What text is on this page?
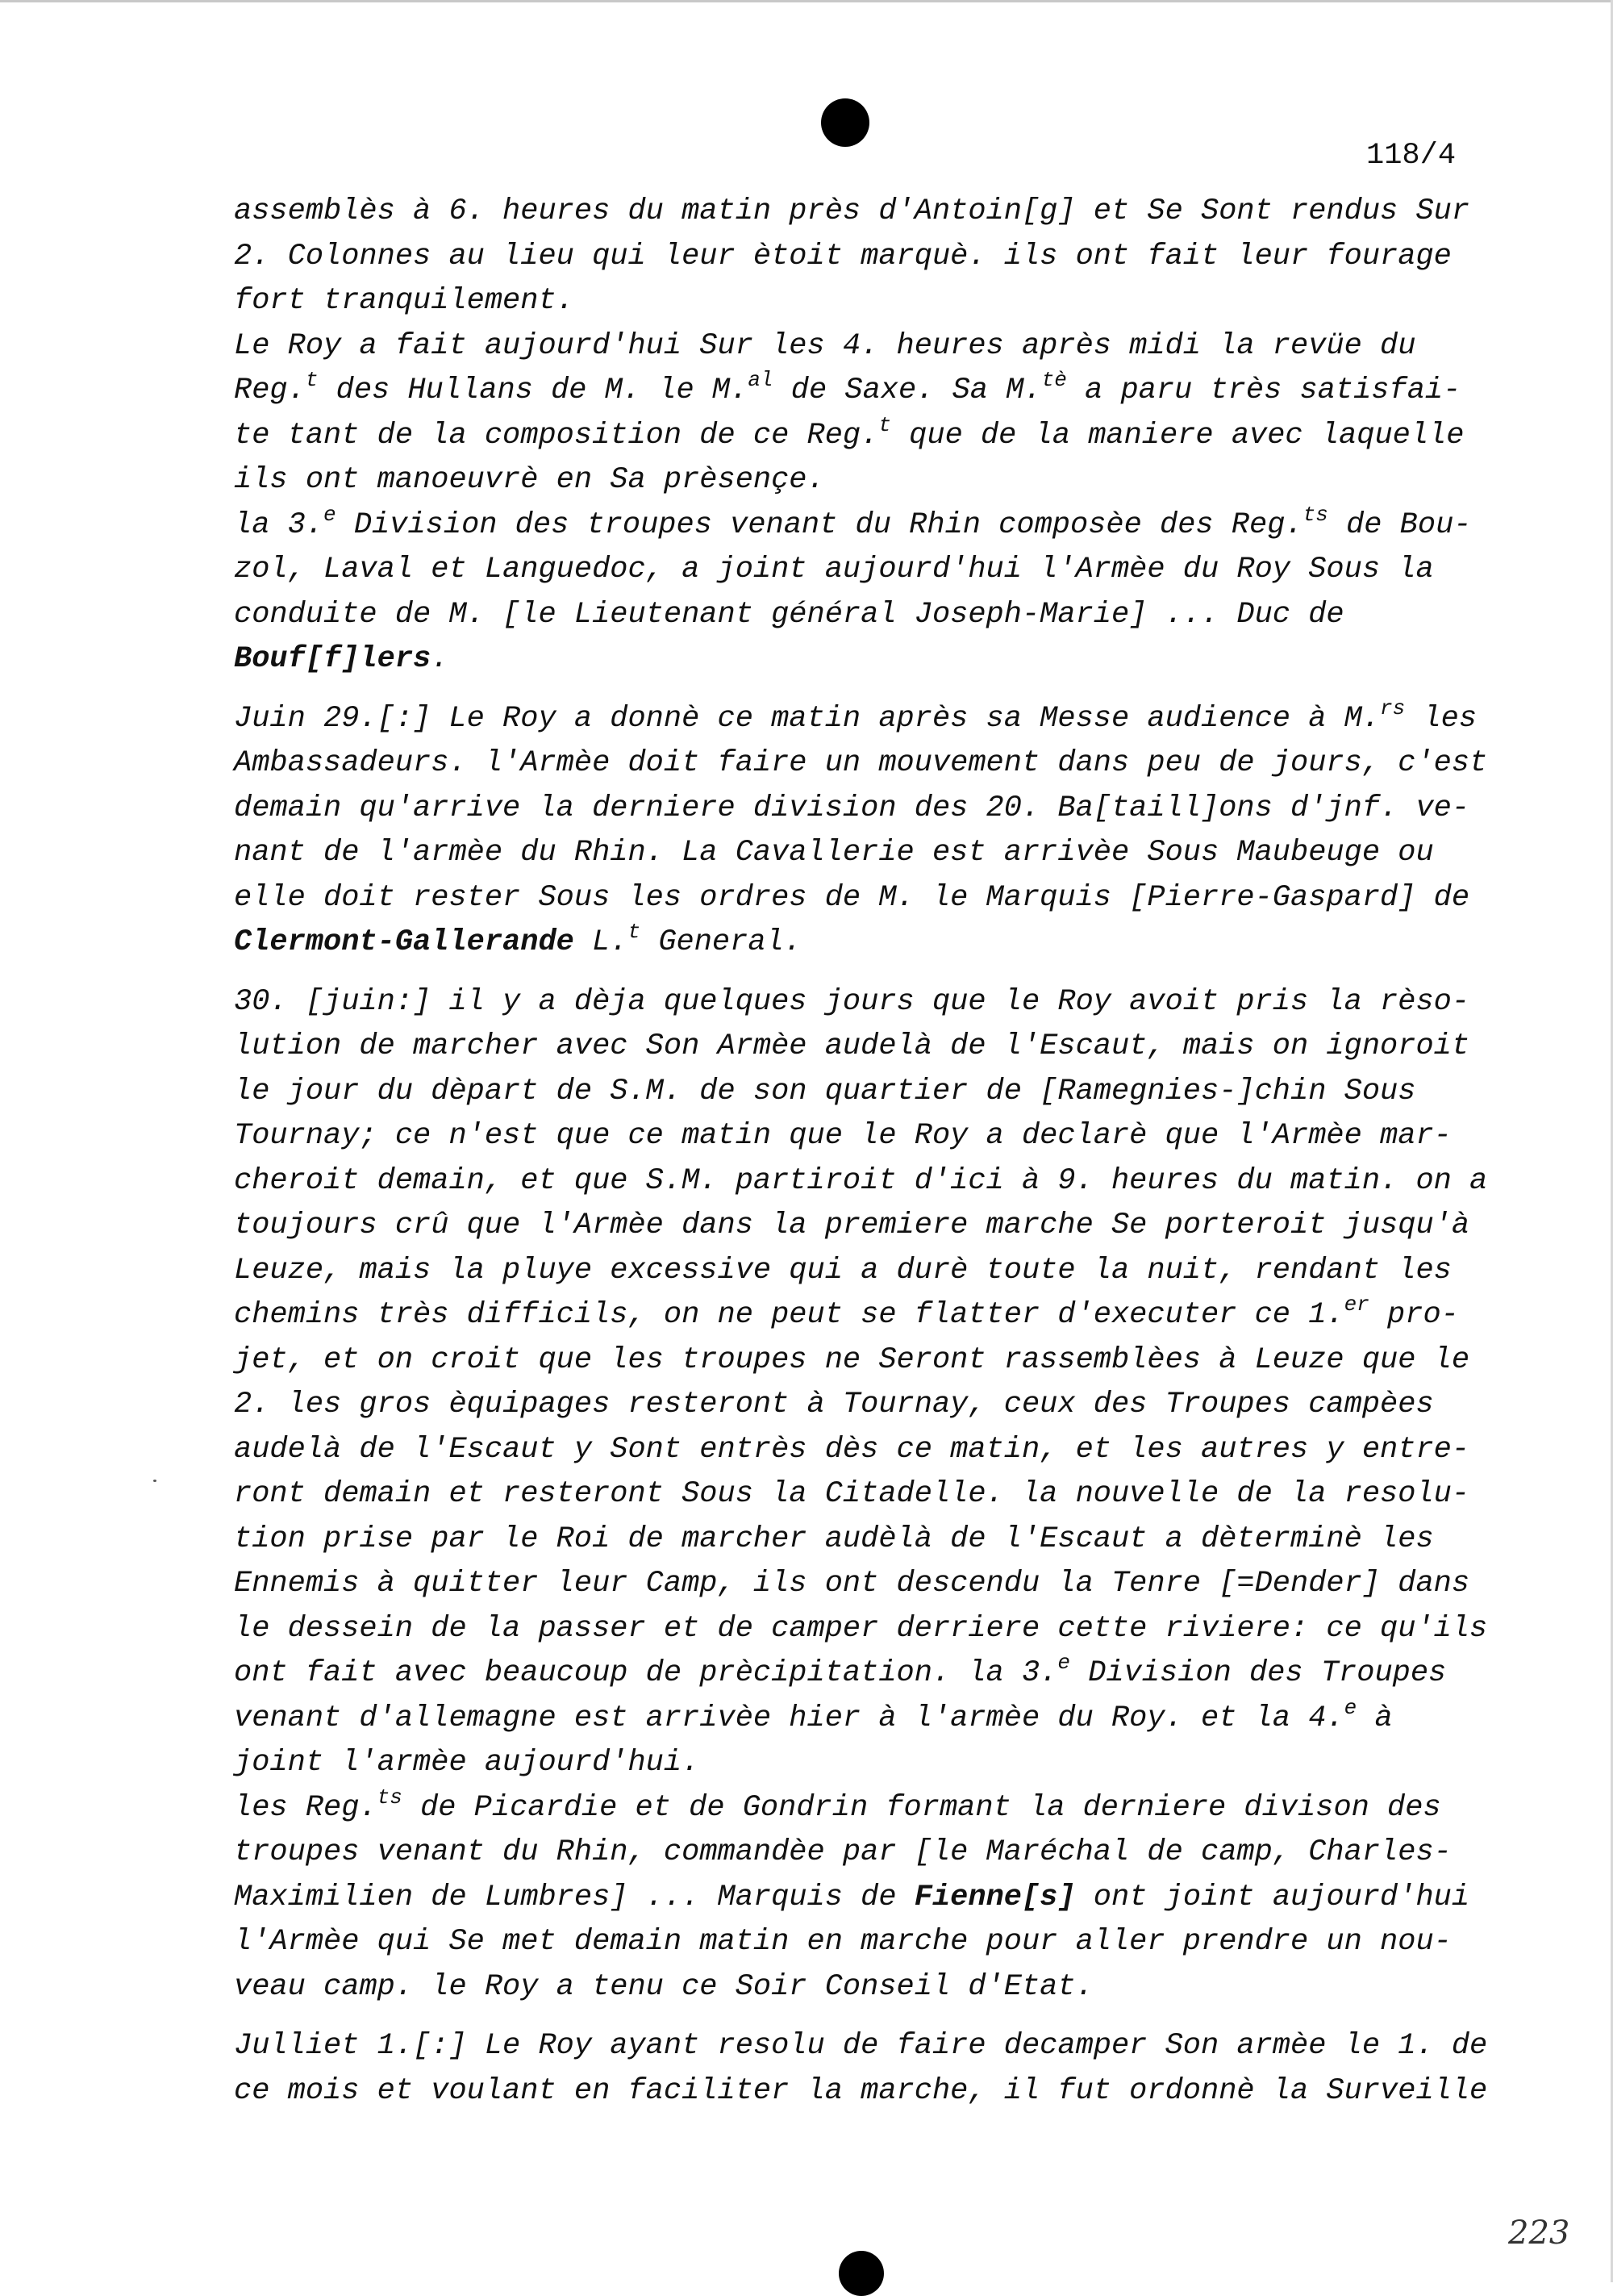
118/4
assemblès à 6. heures du matin près d'Antoin[g] et Se Sont rendus Sur
2. Colonnes au lieu qui leur ètoit marquè. ils ont fait leur fourage
fort tranquilement.
Le Roy a fait aujourd'hui Sur les 4. heures après midi la revüe du
Reg.$^t$ des Hullans de M. le M.$^{al}$ de Saxe. Sa M.$^{tè}$ a paru très satisfai-
te tant de la composition de ce Reg.$^t$ que de la maniere avec laquelle
ils ont manoeuvrè en Sa prèsençe.
la 3.$^e$ Division des troupes venant du Rhin composèe des Reg.$^{ts}$ de Bou-
zol, Laval et Languedoc, a joint aujourd'hui l'Armèe du Roy Sous la
conduite de M. [le Lieutenant général Joseph-Marie] ... Duc de
Bouf[f]lers.
Juin 29.[:] Le Roy a donnè ce matin après sa Messe audience à M.$^{rs}$ les
Ambassadeurs. l'Armèe doit faire un mouvement dans peu de jours, c'est
demain qu'arrive la derniere division des 20. Ba[taill]ons d'jnf. ve-
nant de l'armèe du Rhin. La Cavallerie est arrivèe Sous Maubeuge ou
elle doit rester Sous les ordres de M. le Marquis [Pierre-Gaspard] de
Clermont-Gallerande L.$^t$ General.
30. [juin:] il y a dèja quelques jours que le Roy avoit pris la rèso-
lution de marcher avec Son Armèe audelà de l'Escaut, mais on ignoroit
le jour du dèpart de S.M. de son quartier de [Ramegnies-]chin Sous
Tournay; ce n'est que ce matin que le Roy a declarè que l'Armèe mar-
cheroit demain, et que S.M. partiroit d'ici à 9. heures du matin. on a
toujours crû que l'Armèe dans la premiere marche Se porteroit jusqu'à
Leuze, mais la pluye excessive qui a durè toute la nuit, rendant les
chemins très difficils, on ne peut se flatter d'executer ce 1.$^{er}$ pro-
jet, et on croit que les troupes ne Seront rassemblèes à Leuze que le
2. les gros èquipages resteront à Tournay, ceux des Troupes campèes
audelà de l'Escaut y Sont entrès dès ce matin, et les autres y entre-
ront demain et resteront Sous la Citadelle. la nouvelle de la resolu-
tion prise par le Roi de marcher audèlà de l'Escaut a dèterminè les
Ennemis à quitter leur Camp, ils ont descendu la Tenre [=Dender] dans
le dessein de la passer et de camper derriere cette riviere: ce qu'ils
ont fait avec beaucoup de prècipitation. la 3.$^e$ Division des Troupes
venant d'allemagne est arrivèe hier à l'armèe du Roy. et la 4.$^e$ à
joint l'armèe aujourd'hui.
les Reg.$^{ts}$ de Picardie et de Gondrin formant la derniere divison des
troupes venant du Rhin, commandèe par [le Maréchal de camp, Charles-
Maximilien de Lumbres] ... Marquis de Fienne[s] ont joint aujourd'hui
l'Armèe qui Se met demain matin en marche pour aller prendre un nou-
veau camp. le Roy a tenu ce Soir Conseil d'Etat.
Julliet 1.[:] Le Roy ayant resolu de faire decamper Son armèe le 1. de
ce mois et voulant en faciliter la marche, il fut ordonnè la Surveille
223
